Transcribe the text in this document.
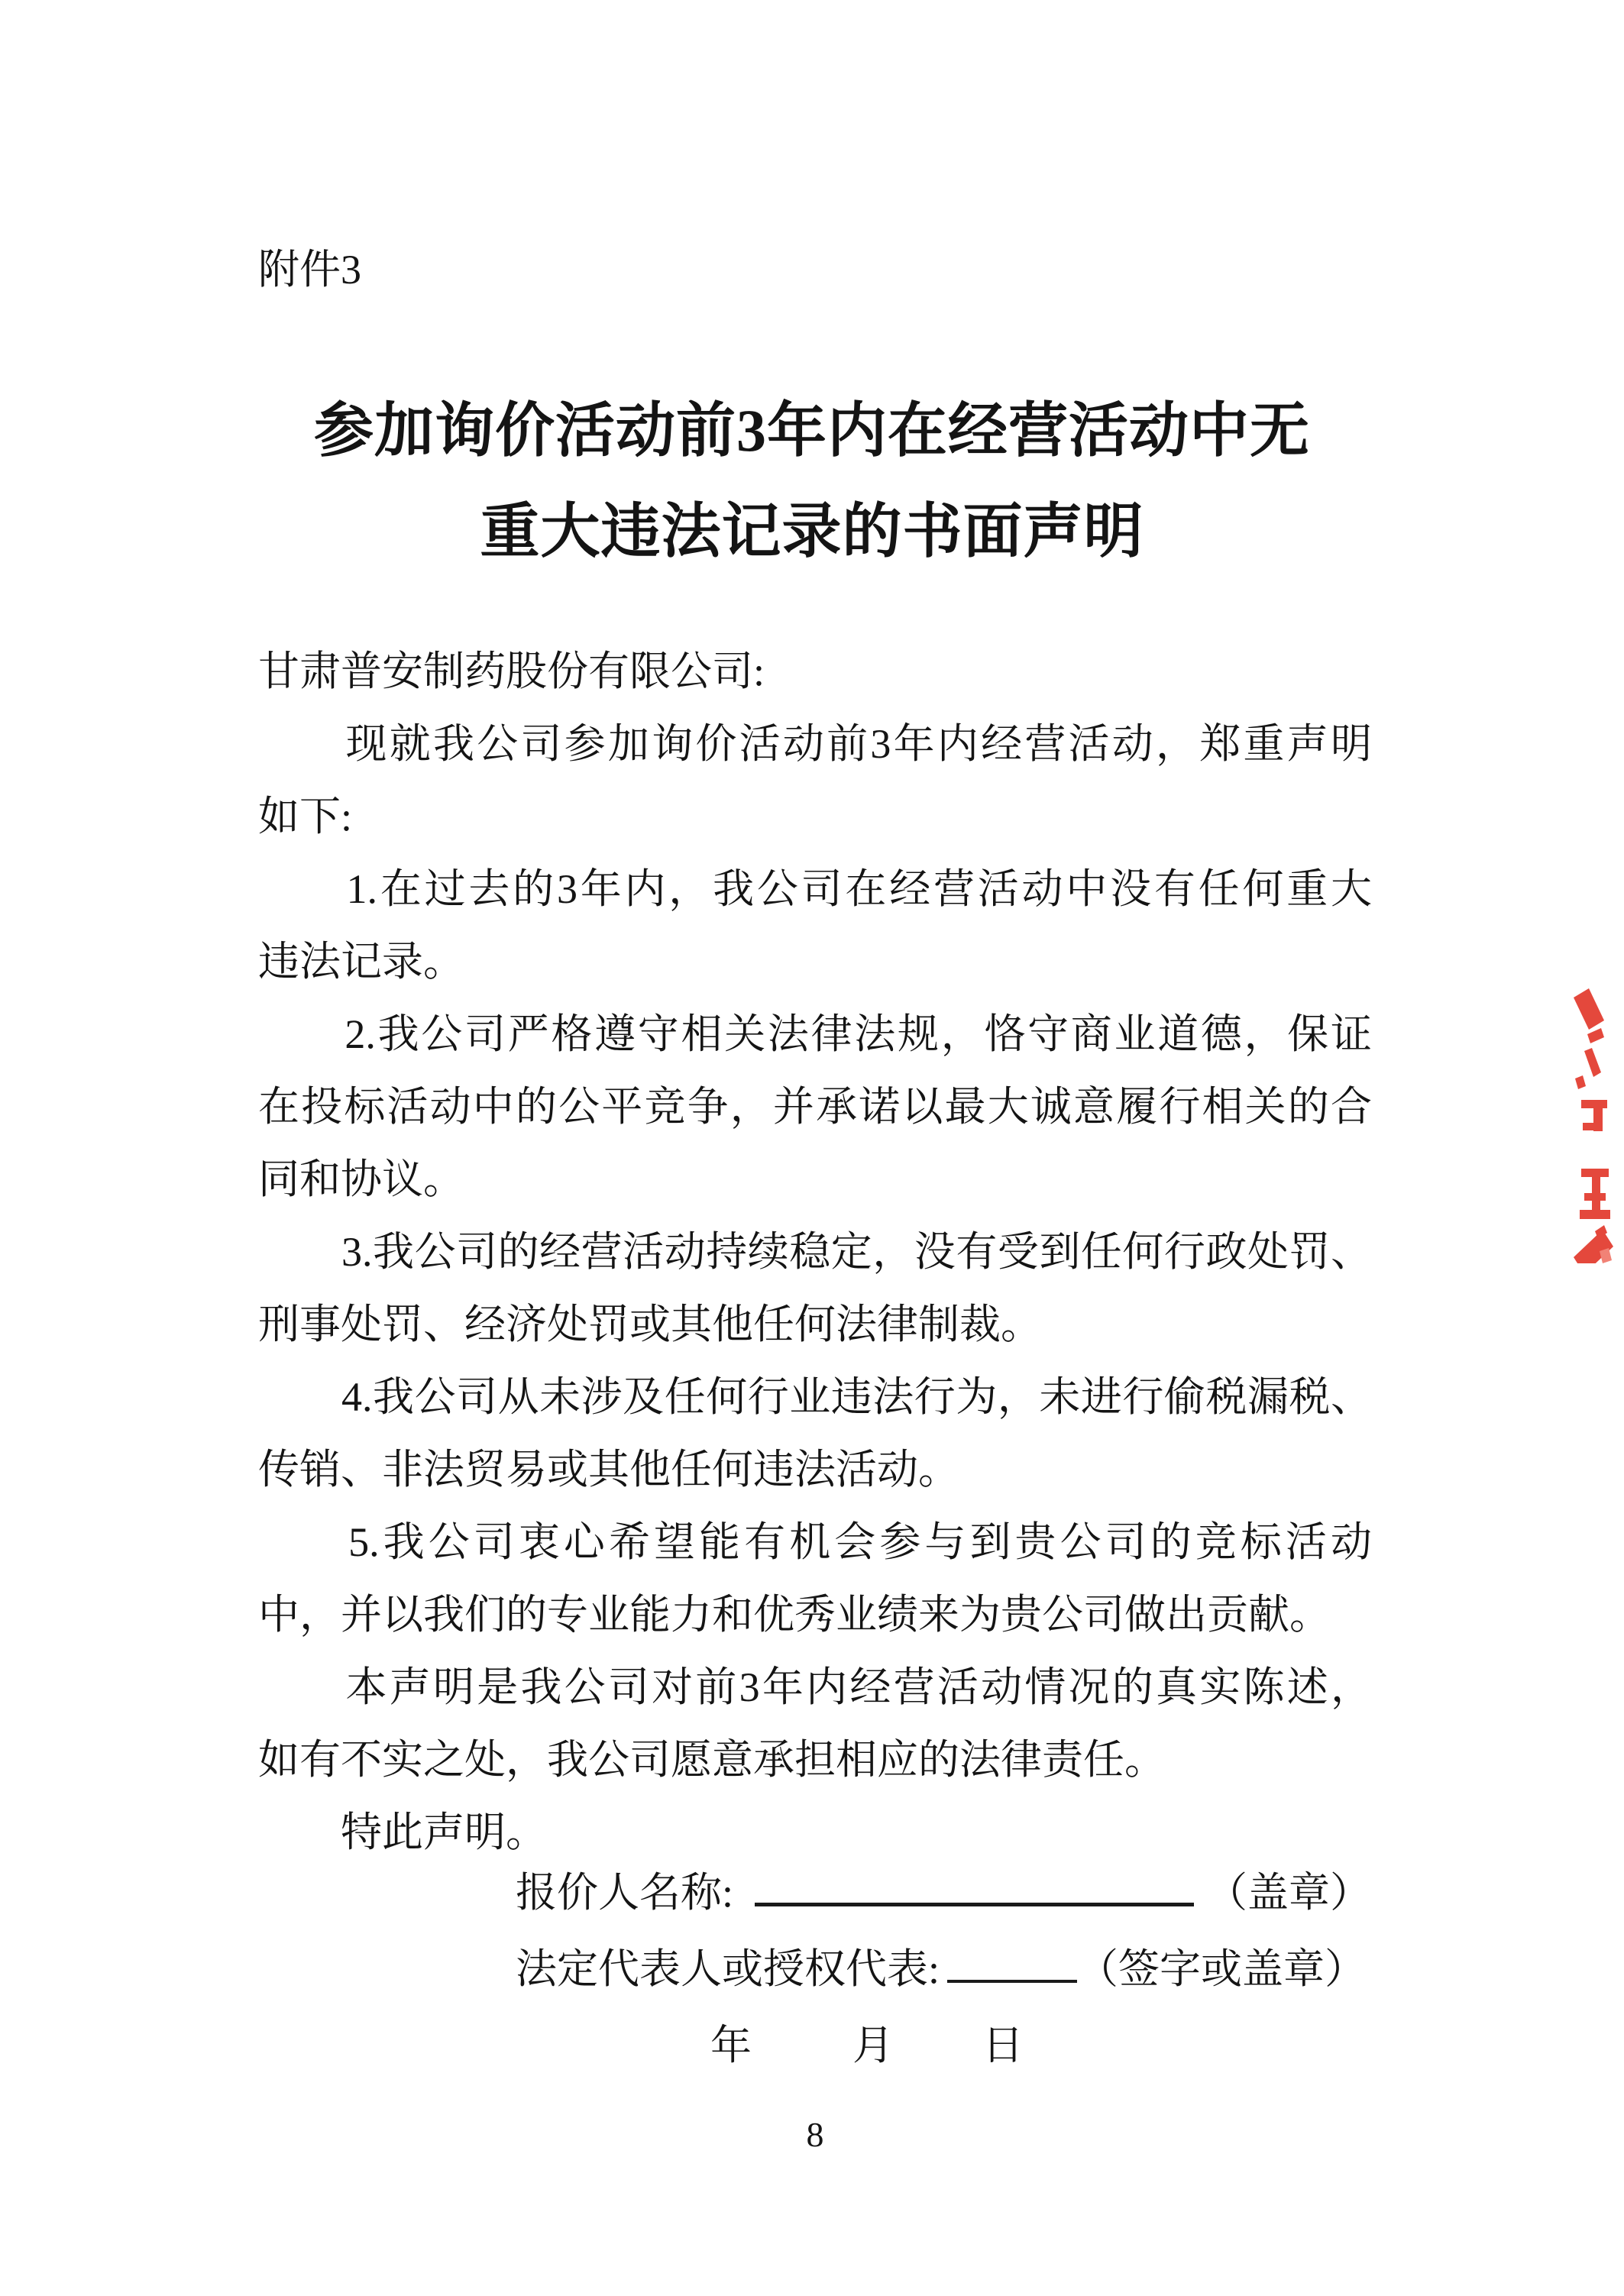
附件3
参加询价活动前3年内在经营活动中无
重大违法记录的书面声明
甘肃普安制药股份有限公司:
　　现就我公司参加询价活动前3年内经营活动，郑重声明
如下:
　　1.在过去的3年内，我公司在经营活动中没有任何重大
违法记录。
　　2.我公司严格遵守相关法律法规，恪守商业道德，保证
在投标活动中的公平竞争，并承诺以最大诚意履行相关的合
同和协议。
　　3.我公司的经营活动持续稳定，没有受到任何行政处罚、
刑事处罚、经济处罚或其他任何法律制裁。
　　4.我公司从未涉及任何行业违法行为，未进行偷税漏税、
传销、非法贸易或其他任何违法活动。
　　5.我公司衷心希望能有机会参与到贵公司的竞标活动
中，并以我们的专业能力和优秀业绩来为贵公司做出贡献。
　　本声明是我公司对前3年内经营活动情况的真实陈述，
如有不实之处，我公司愿意承担相应的法律责任。
　　特此声明。
报价人名称:	（盖章）
法定代表人或授权代表:	（签字或盖章）
年 月 日
8
